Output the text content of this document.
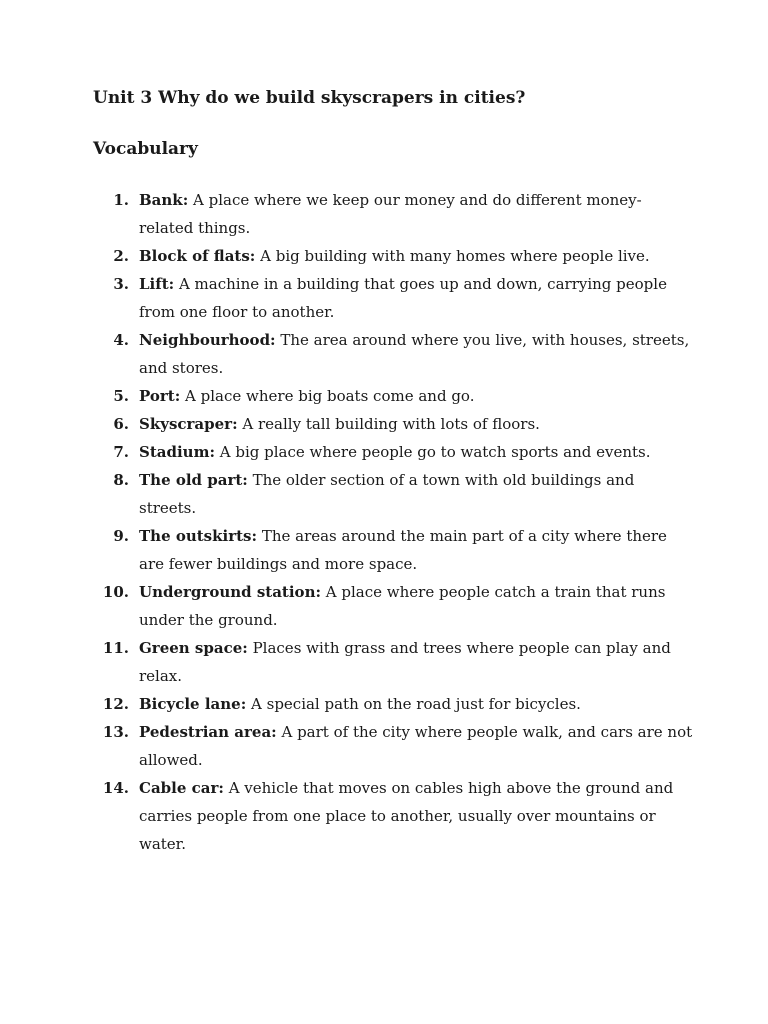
Unit 3 Why do we build skyscrapers in cities?
Vocabulary
1. Bank: A place where we keep our money and do different money-related things.
2. Block of flats: A big building with many homes where people live.
3. Lift: A machine in a building that goes up and down, carrying people from one floor to another.
4. Neighbourhood: The area around where you live, with houses, streets, and stores.
5. Port: A place where big boats come and go.
6. Skyscraper: A really tall building with lots of floors.
7. Stadium: A big place where people go to watch sports and events.
8. The old part: The older section of a town with old buildings and streets.
9. The outskirts: The areas around the main part of a city where there are fewer buildings and more space.
10. Underground station: A place where people catch a train that runs under the ground.
11. Green space: Places with grass and trees where people can play and relax.
12. Bicycle lane: A special path on the road just for bicycles.
13. Pedestrian area: A part of the city where people walk, and cars are not allowed.
14. Cable car: A vehicle that moves on cables high above the ground and carries people from one place to another, usually over mountains or water.
